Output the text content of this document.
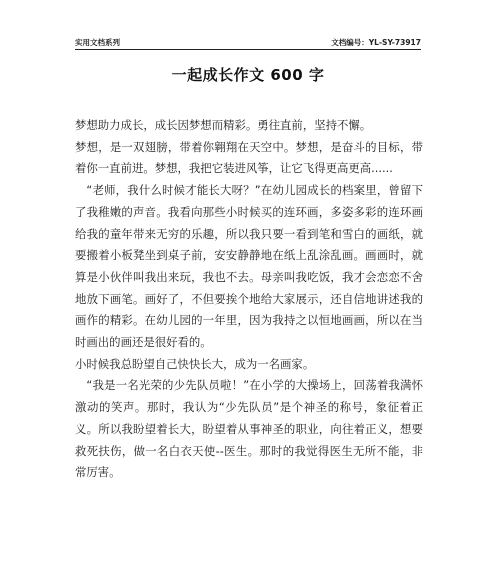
实用文档系列	文档编号：YL-SY-73917
一起成长作文 600 字

梦想助力成长，成长因梦想而精彩。勇往直前，坚持不懈。

梦想，是一双翅膀，带着你翱翔在天空中。梦想，是奋斗的目标，带着你一直前进。梦想，我把它装进风筝，让它飞得更高更高......

“老师，我什么时候才能长大呀？”在幼儿园成长的档案里，曾留下了我稚嫩的声音。我看向那些小时候买的连环画，多姿多彩的连环画给我的童年带来无穷的乐趣，所以我只要一看到笔和雪白的画纸，就要搬着小板凳坐到桌子前，安安静静地在纸上乱涂乱画。画画时，就算是小伙伴叫我出来玩，我也不去。母亲叫我吃饭，我才会恋恋不舍地放下画笔。画好了，不但要挨个地给大家展示，还自信地讲述我的画作的精彩。在幼儿园的一年里，因为我持之以恒地画画，所以在当时画出的画还是很好看的。

小时候我总盼望自己快快长大，成为一名画家。

“我是一名光荣的少先队员啦！”在小学的大操场上，回荡着我满怀激动的笑声。那时，我认为“少先队员”是个神圣的称号，象征着正义。所以我盼望着长大，盼望着从事神圣的职业，向往着正义，想要救死扶伤，做一名白衣天使--医生。那时的我觉得医生无所不能，非常厉害。
